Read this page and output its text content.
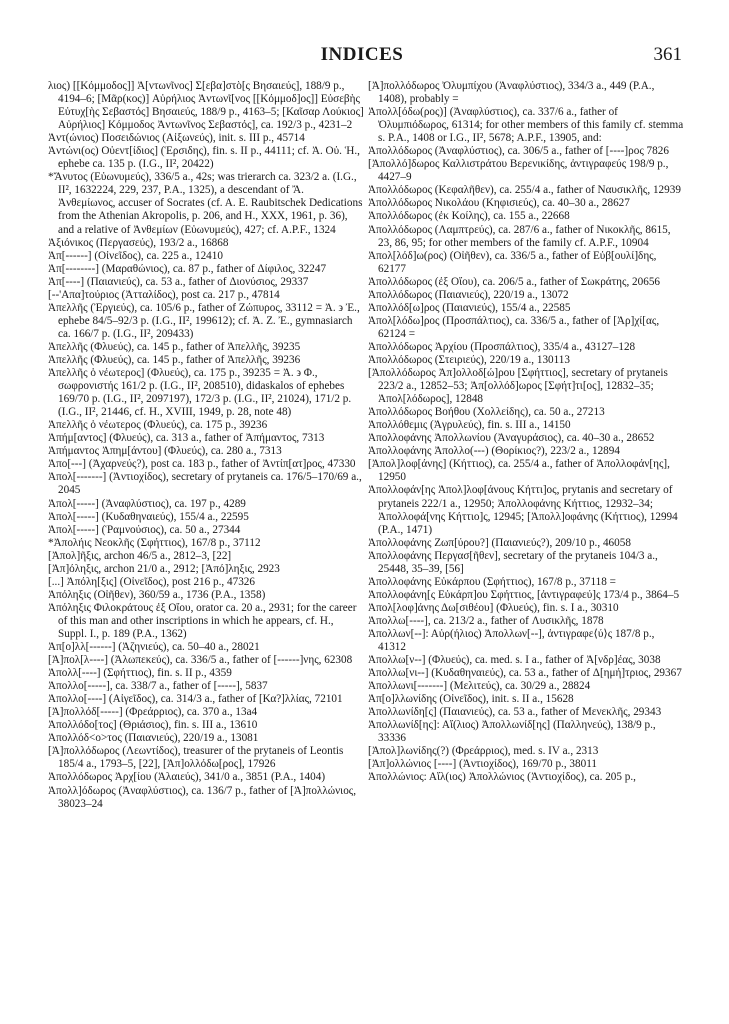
INDICES	361

λιος) [[Κόμμοδος]] Ἀ[ντωνῖνος] Σ[εβα]στὸ[ς Βησαιεύς], 188/9 p., 4194–6; [Μᾶρ(κος)] Αὐρήλιος Ἀντωνῖ[νος [[Κόμμοδ]ος]] Εὐσεβὴς Εὐτυχ[ὴς Σεβαστός] Βησαιεύς, 188/9 p., 4163–5; [Καῖσαρ Λούκιος] Αὐρήλιος] Κόμμοδος Ἀντωνῖνος Σεβαστός], ca. 192/3 p., 4231–2

Ἀντ(ώνιος) Ποσειδώνιος (Αἰξωνεύς), init. s. III p., 45714

Ἀντώνι(ος) Οὐεντ[ίδιος] (Ἑρσιδης), fin. s. II p., 44111; cf. Ἀ. Οὐ. Ἡ., ephebe ca. 135 p. (I.G., II², 20422)

*Ἄνυτος (Εὐωνυμεύς), 336/5 a., 42s; was trierarch ca. 323/2 a. (I.G., II², 1632224, 229, 237, P.A., 1325), a descendant of Ἄ. Ἀνθεμίωνος, accuser of Socrates (cf. A. E. Raubitschek Dedications from the Athenian Akropolis, p. 206, and H., XXX, 1961, p. 36), and a relative of Ἀνθεμίων (Εὐωνυμεύς), 427; cf. A.P.F., 1324

Ἀξιόνικος (Περγασεύς), 193/2 a., 16868

Ἀπ[------] (Οἰνεῖδος), ca. 225 a., 12410

Ἀπ[--------] (Μαραθώνιος), ca. 87 p., father of Δίφιλος, 32247

Ἀπ[----] (Παιανιεύς), ca. 53 a., father of Διονύσιος, 29337

[--'Απα]τούριος (Ἀτταλίδος), post ca. 217 p., 47814

Ἀπελλῆς (Ἐργιεύς), ca. 105/6 p., father of Ζώπυρος, 33112 = Ἀ. ϶ Ἐ., ephebe 84/5–92/3 p. (I.G., II², 199612); cf. Ἀ. Ζ. Ἐ., gymnasiarch ca. 166/7 p. (I.G., II², 209433)

Ἀπελλῆς (Φλυεύς), ca. 145 p., father of Ἀπελλῆς, 39235

Ἀπελλῆς (Φλυεύς), ca. 145 p., father of Ἀπελλῆς, 39236

Ἀπελλῆς ὁ νέωτερος] (Φλυεύς), ca. 175 p., 39235 = Ἀ. ϶ Φ., σωφρονιστής 161/2 p. (I.G., II², 208510), didaskalos of ephebes 169/70 p. (I.G., II², 2097197), 172/3 p. (I.G., II², 21024), 171/2 p. (I.G., II², 21446, cf. H., XVIII, 1949, p. 28, note 48)

Ἀπελλῆς ὁ νέωτερος (Φλυεύς), ca. 175 p., 39236

Ἀπήμ[αντος] (Φλυεύς), ca. 313 a., father of Ἀπήμαντος, 7313

Ἀπήμαντος Ἀπημ[άντου] (Φλυεύς), ca. 280 a., 7313

Ἀπο[---] (Ἀχαρνεύς?), post ca. 183 p., father of Ἀντίπ[ατ]ρος, 47330

Ἀπολ[-------] (Ἀντιοχίδος), secretary of prytaneis ca. 176/5–170/69 a., 2045

Ἀπολ[-----] (Ἀναφλύστιος), ca. 197 p., 4289

Ἀπολ[-----] (Κυδαθηναιεύς), 155/4 a., 22595

Ἀπολ[-----] (Ῥαμνούσιος), ca. 50 a., 27344

*Ἀπολήις Νεοκλῆς (Σφήττιος), 167/8 p., 37112

[Ἀπολ]ῆξις, archon 46/5 a., 2812–3, [22]

[Ἀπ]όληξις, archon 21/0 a., 2912; [Ἀπό]ληξις, 2923

[...] Ἀπόλη[ξις] (Οἰνεῖδος), post 216 p., 47326

Ἀπόληξις (Οἰῆθεν), 360/59 a., 1736 (P.A., 1358)

Ἀπόληξις Φιλοκράτους ἐξ Οἴου, orator ca. 20 a., 2931; for the career of this man and other inscriptions in which he appears, cf. H., Suppl. I., p. 189 (P.A., 1362)

Ἀπ[ο]λλ[------] (Ἀζηνιεύς), ca. 50–40 a., 28021

[Ἀ]πολ[λ----] (Ἀλωπεκεύς), ca. 336/5 a., father of [------]νης, 62308

Ἀπολλ[----] (Σφήττιος), fin. s. II p., 4359

Ἀπολλο[-----], ca. 338/7 a., father of [-----], 5837

Ἀπολλο[----] (Αἰγεῖδος), ca. 314/3 a., father of [Κα?]λλίας, 72101

[Ἀ]πολλόδ[-----] (Φρεάρριος), ca. 370 a., 13a4

Ἀπολλόδο[τος] (Θριάσιος), fin. s. III a., 13610

Ἀπολλόδ<ο>τος (Παιανιεύς), 220/19 a., 13081

[Ἀ]πολλόδωρος (Λεωντίδος), treasurer of the prytaneis of Leontis 185/4 a., 1793–5, [22], [Ἀπ]ολλόδω[ρος], 17926

Ἀπολλόδωρος Ἀρχ[ίου (Ἁλαιεύς), 341/0 a., 3851 (P.A., 1404)

Ἀπολλ]όδωρος (Ἀναφλύστιος), ca. 136/7 p., father of [Ἀ]πολλώνιος, 38023–24

[Ἀ]πολλόδωρος Ὀλυμπίχου (Ἀναφλύστιος), 334/3 a., 449 (P.A., 1408), probably =

Ἀπολλ[όδω(ρος)] (Ἀναφλύστιος), ca. 337/6 a., father of Ὀλυμπιόδωρος, 61314; for other members of this family cf. stemma s. P.A., 1408 or I.G., II², 5678; A.P.F., 13905, and:

Ἀπολλόδωρος (Ἀναφλύστιος), ca. 306/5 a., father of [----]ρος 7826

[Ἀπολλό]δωρος Καλλιστράτου Βερενικίδης, ἀντιγραφεύς 198/9 p., 4427–9

Ἀπολλόδωρος (Κεφαλῆθεν), ca. 255/4 a., father of Ναυσικλῆς, 12939

Ἀπολλόδωρος Νικολάου (Κηφισιεύς), ca. 40–30 a., 28627

Ἀπολλόδωρος (ἐκ Κοίλης), ca. 155 a., 22668

Ἀπολλόδωρος (Λαμπτρεύς), ca. 287/6 a., father of Νικοκλῆς, 8615, 23, 86, 95; for other members of the family cf. A.P.F., 10904

Ἀπολ[λόδ]ω(ρος) (Οἰῆθεν), ca. 336/5 a., father of Εὐβ[ουλί]δης, 62177

Ἀπολλόδωρος (ἐξ Οἴου), ca. 206/5 a., father of Σωκράτης, 20656

Ἀπολλόδωρος (Παιανιεύς), 220/19 a., 13072

Ἀπολλόδ[ω]ρος (Παιανιεύς), 155/4 a., 22585

Ἀπολ[λόδω]ρος (Προσπάλτιος), ca. 336/5 a., father of [Ἀρ]χί[ας, 62124 =

Ἀπολλόδωρος Ἀρχίου (Προσπάλτιος), 335/4 a., 43127–128

Ἀπολλόδωρος (Στειριεύς), 220/19 a., 130113

[Ἀπολλόδωρος Ἀπ]ολλοδ[ώ]ρου [Σφήττιος], secretary of prytaneis 223/2 a., 12852–53; Ἀπ[ολλόδ]ωρος [Σφήτ]τι[ος], 12832–35; Ἀπολ[λόδωρος], 12848

Ἀπολλόδωρος Βοήθου (Χολλείδης), ca. 50 a., 27213

Ἀπολλόθεμις (Ἀγρυλεύς), fin. s. III a., 14150

Ἀπολλοφάνης Ἀπολλωνίου (Ἀναγυράσιος), ca. 40–30 a., 28652

Ἀπολλοφάνης Ἀπολλο(---) (Θορίκιος?), 223/2 a., 12894

[Ἀπολ]λοφ[άνης] (Κήττιος), ca. 255/4 a., father of Ἀπολλοφάν[ης], 12950

Ἀπολλοφάν[ης Ἀπολ]λοφ[άνους Κήττι]ος, prytanis and secretary of prytaneis 222/1 a., 12950; Ἀπολλοφάνης Κήττιος, 12932–34; Ἀπολλοφά[νης Κήττιο]ς, 12945; [Ἀπολλ]οφάνης (Κήττιος), 12994 (P.A., 1471)

Ἀπολλοφάνης Ζωπ[ύρου?] (Παιανιεύς?), 209/10 p., 46058

Ἀπολλοφάνης Περγασ[ῆθεν], secretary of the prytaneis 104/3 a., 25448, 35–39, [56]

Ἀπολλοφάνης Εὐκάρπου (Σφήττιος), 167/8 p., 37118 =

Ἀπολλοφάνη[ς Εὐκάρπ]ου Σφήττιος, [ἀντιγραφεύ]ς 173/4 p., 3864–5

Ἀπολ[λοφ]άνης Δω[σιθέου] (Φλυεύς), fin. s. I a., 30310

Ἀπολλω[----], ca. 213/2 a., father of Λυσικλῆς, 1878

Ἀπολλων[--]: Αὐρ(ήλιος) Ἀπολλων[--], ἀντιγραφε⟨ύ⟩ς 187/8 p., 41312

Ἀπολλω[ν--] (Φλυεύς), ca. med. s. I a., father of Ἀ[νδρ]έας, 3038

Ἀπολλω[νι--] (Κυδαθηναιεύς), ca. 53 a., father of Δ[ημή]τριος, 29367

Ἀπολλωνι[-------] (Μελιτεύς), ca. 30/29 a., 28824

Ἀπ[ο]λλωνίδης (Οἰνεῖδος), init. s. II a., 15628

Ἀπολλωνίδη[ς] (Παιανιεύς), ca. 53 a., father of Μενεκλῆς, 29343

Ἀπολλωνίδ[ης]: Αἴ(λιος) Ἀπολλωνίδ[ης] (Παλληνεύς), 138/9 p., 33336

[Ἀπολ]λωνίδης(?) (Φρεάρριος), med. s. IV a., 2313

[Ἀπ]ολλώνιος [----] (Ἀντιοχίδος), 169/70 p., 38011

Ἀπολλώνιος: Αἴλ(ιος) Ἀπολλώνιος (Ἀντιοχίδος), ca. 205 p.,
